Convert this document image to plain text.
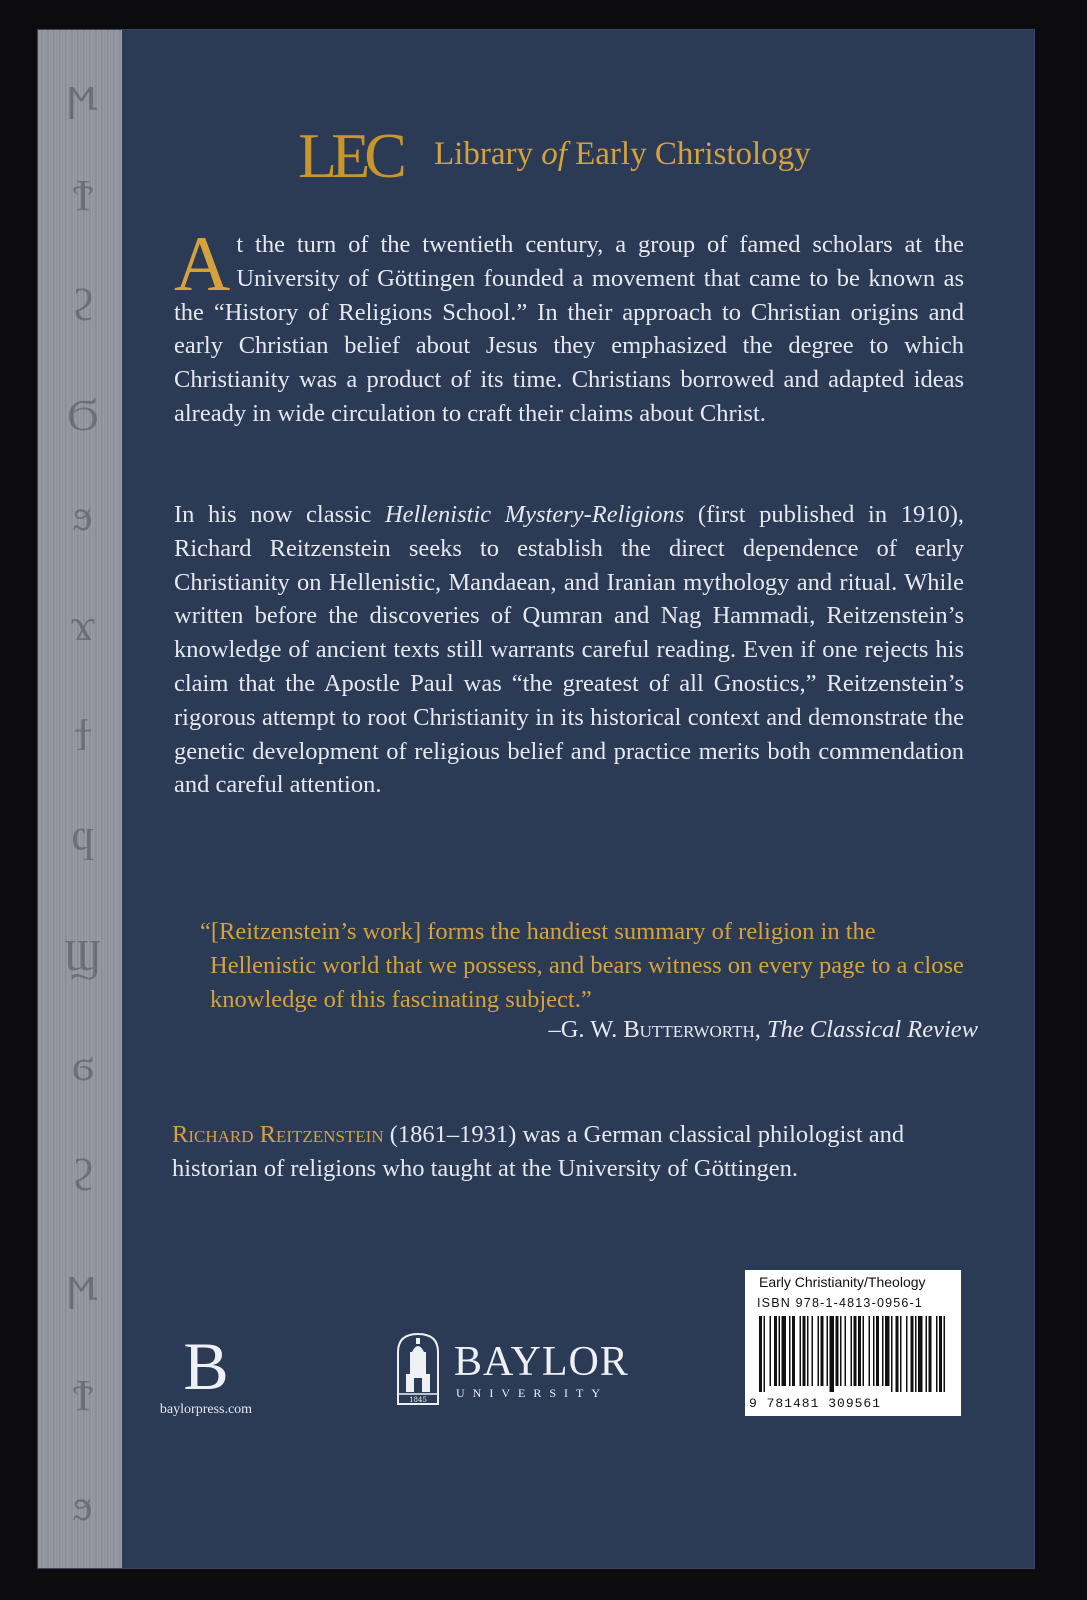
ϻ
Ϯ
ϩ
Ϭ
ϧ
ϫ
ϯ
ϥ
Ϣ
ϭ
ϩ
ϻ
Ϯ
ϧ
LEC Library of Early Christology

At the turn of the twentieth century, a group of famed scholars at the University of Göttingen founded a movement that came to be known as the “History of Religions School.” In their approach to Christian origins and early Christian belief about Jesus they emphasized the degree to which Christianity was a product of its time. Christians borrowed and adapted ideas already in wide circulation to craft their claims about Christ.

In his now classic Hellenistic Mystery-Religions (first published in 1910), Richard Reitzenstein seeks to establish the direct dependence of early Christianity on Hellenistic, Mandaean, and Iranian mythology and ritual. While written before the discoveries of Qumran and Nag Hammadi, Reitzenstein’s knowledge of ancient texts still warrants careful reading. Even if one rejects his claim that the Apostle Paul was “the greatest of all Gnostics,” Reitzenstein’s rigorous attempt to root Christianity in its historical context and demonstrate the genetic development of religious belief and practice merits both commendation and careful attention.

“[Reitzenstein’s work] forms the handiest summary of religion in the Hellenistic world that we possess, and bears witness on every page to a close knowledge of this fascinating subject.”

–G. W. Butterworth, The Classical Review

Richard Reitzenstein (1861–1931) was a German classical philologist and historian of religions who taught at the University of Göttingen.

B
baylorpress.com
1845
BAYLOR
UNIVERSITY
Early Christianity/Theology
ISBN 978-1-4813-0956-1
9 781481 309561
